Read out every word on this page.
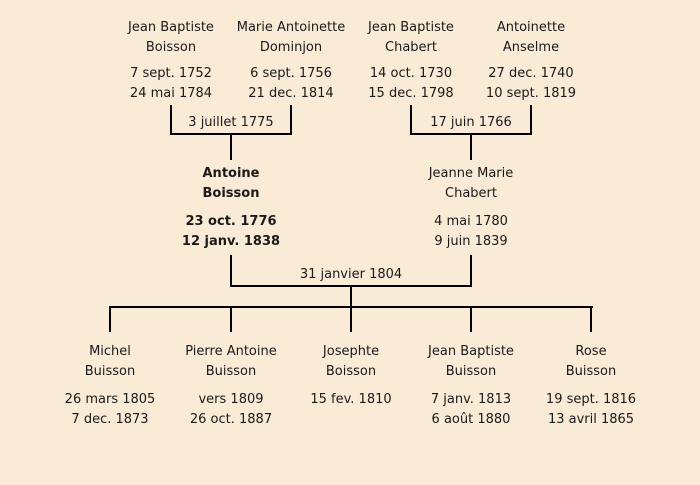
Jean Baptiste
Boisson
7 sept. 1752
24 mai 1784
Marie Antoinette
Dominjon
6 sept. 1756
21 dec. 1814
Jean Baptiste
Chabert
14 oct. 1730
15 dec. 1798
Antoinette
Anselme
27 dec. 1740
10 sept. 1819
3 juillet 1775	17 juin 1766
Antoine
Boisson
23 oct. 1776
12 janv. 1838
Jeanne Marie
Chabert
4 mai 1780
9 juin 1839
31 janvier 1804
Michel
Buisson
26 mars 1805
7 dec. 1873
Pierre Antoine
Buisson
vers 1809
26 oct. 1887
Josephte
Boisson
15 fev. 1810
Jean Baptiste
Buisson
7 janv. 1813
6 août 1880
Rose
Buisson
19 sept. 1816
13 avril 1865
